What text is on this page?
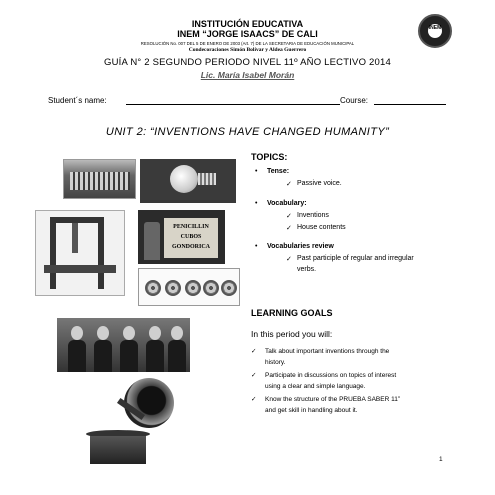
INEM
INSTITUCIÓN EDUCATIVA
INEM “JORGE ISAACS” DE CALI
RESOLUCIÓN No. 007 DEL 5 DE ENERO DE 2003 (Art. 7) DE LA SECRETARIA DE EDUCACIÓN MUNICIPAL
Condecoraciones Simón Bolívar y Aldea Guerrero
GUÍA N° 2 SEGUNDO PERIODO NIVEL 11º AÑO LECTIVO 2014
Lic. María Isabel Morán
Student´s name:	Course:
UNIT 2: “INVENTIONS HAVE CHANGED HUMANITY”
PENICILLIN
CUBOS
GONDORICA
TOPICS:
• Tense:
✓ Passive voice.
• Vocabulary:
✓ Inventions
✓ House contents
• Vocabularies review
✓ Past participle of regular and irregular
verbs.
LEARNING GOALS
In this period you will:
✓ Talk about important inventions through the
history.
✓ Participate in discussions on topics of interest
using a clear and simple language.
✓ Know the structure of the PRUEBA SABER 11”
and get skill in handling about it.
1
